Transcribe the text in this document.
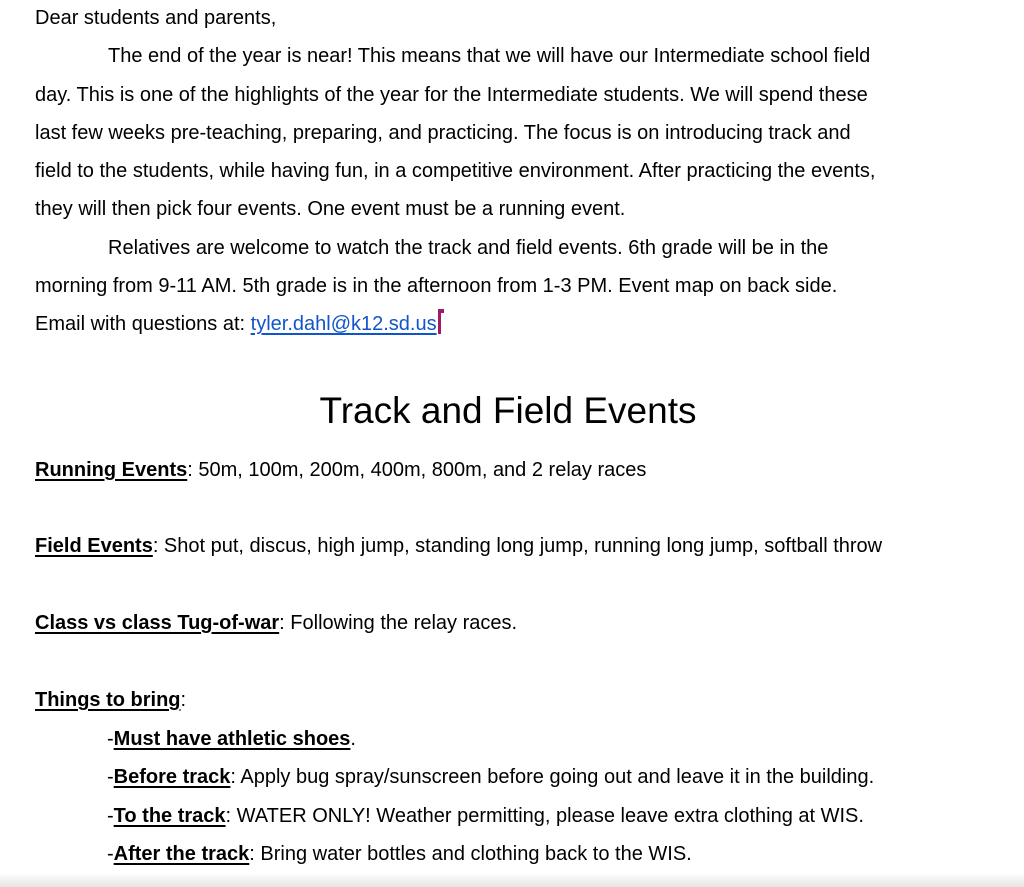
Dear students and parents,
The end of the year is near! This means that we will have our Intermediate school field
day. This is one of the highlights of the year for the Intermediate students. We will spend these
last few weeks pre-teaching, preparing, and practicing. The focus is on introducing track and
field to the students, while having fun, in a competitive environment. After practicing the events,
they will then pick four events. One event must be a running event.
Relatives are welcome to watch the track and field events. 6th grade will be in the
morning from 9-11 AM. 5th grade is in the afternoon from 1-3 PM. Event map on back side.
Email with questions at: tyler.dahl@k12.sd.us
Track and Field Events
Running Events: 50m, 100m, 200m, 400m, 800m, and 2 relay races
Field Events: Shot put, discus, high jump, standing long jump, running long jump, softball throw
Class vs class Tug-of-war: Following the relay races.
Things to bring:
-Must have athletic shoes.
-Before track: Apply bug spray/sunscreen before going out and leave it in the building.
-To the track: WATER ONLY! Weather permitting, please leave extra clothing at WIS.
-After the track: Bring water bottles and clothing back to the WIS.
